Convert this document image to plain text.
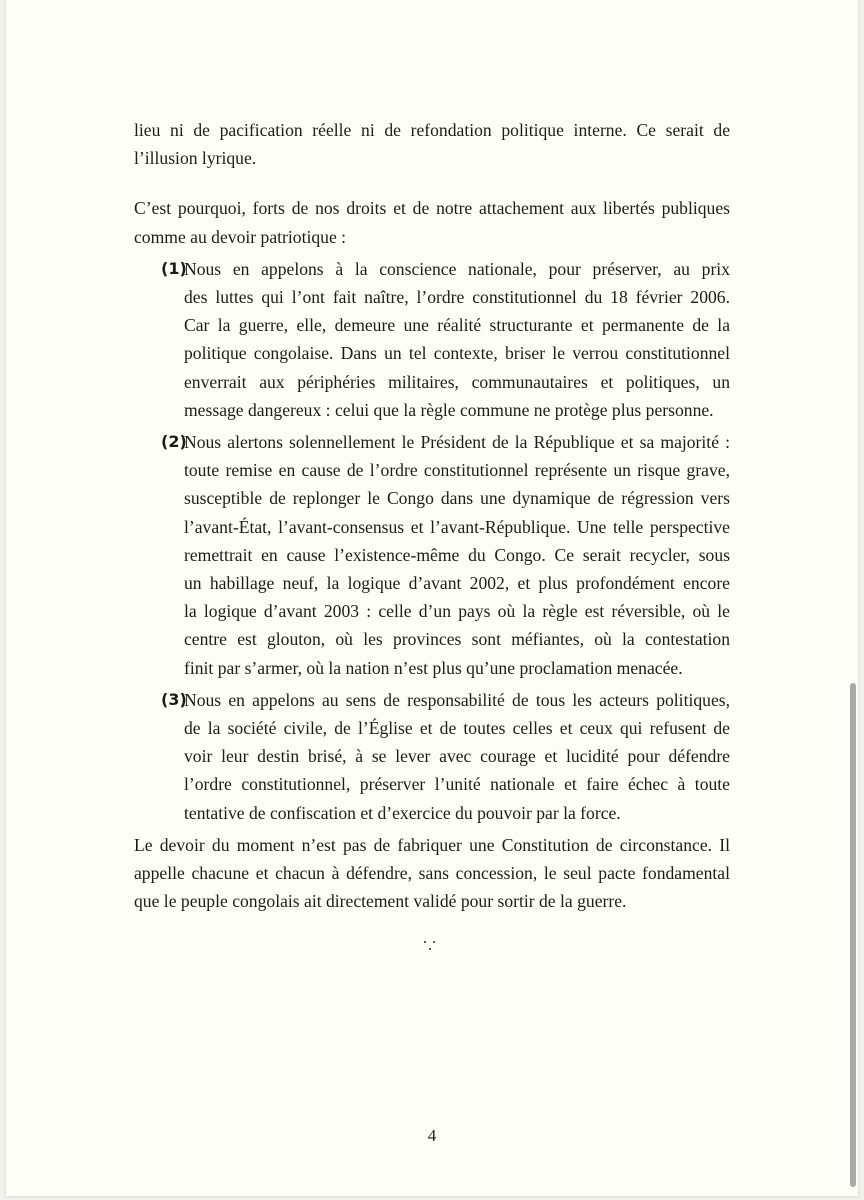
lieu ni de pacification réelle ni de refondation politique interne. Ce serait de
l’illusion lyrique.

C’est pourquoi, forts de nos droits et de notre attachement aux libertés publiques
comme au devoir patriotique :

(1)
Nous en appelons à la conscience nationale, pour préserver, au prix
des luttes qui l’ont fait naître, l’ordre constitutionnel du 18 février 2006.
Car la guerre, elle, demeure une réalité structurante et permanente de la
politique congolaise. Dans un tel contexte, briser le verrou constitutionnel
enverrait aux périphéries militaires, communautaires et politiques, un
message dangereux : celui que la règle commune ne protège plus personne.
(2)
Nous alertons solennellement le Président de la République et sa majorité :
toute remise en cause de l’ordre constitutionnel représente un risque grave,
susceptible de replonger le Congo dans une dynamique de régression vers
l’avant-État, l’avant-consensus et l’avant-République. Une telle perspective
remettrait en cause l’existence-même du Congo. Ce serait recycler, sous
un habillage neuf, la logique d’avant 2002, et plus profondément encore
la logique d’avant 2003 : celle d’un pays où la règle est réversible, où le
centre est glouton, où les provinces sont méfiantes, où la contestation
finit par s’armer, où la nation n’est plus qu’une proclamation menacée.
(3)
Nous en appelons au sens de responsabilité de tous les acteurs politiques,
de la société civile, de l’Église et de toutes celles et ceux qui refusent de
voir leur destin brisé, à se lever avec courage et lucidité pour défendre
l’ordre constitutionnel, préserver l’unité nationale et faire échec à toute
tentative de confiscation et d’exercice du pouvoir par la force.

Le devoir du moment n’est pas de fabriquer une Constitution de circonstance. Il
appelle chacune et chacun à défendre, sans concession, le seul pacte fondamental
que le peuple congolais ait directement validé pour sortir de la guerre.

4
